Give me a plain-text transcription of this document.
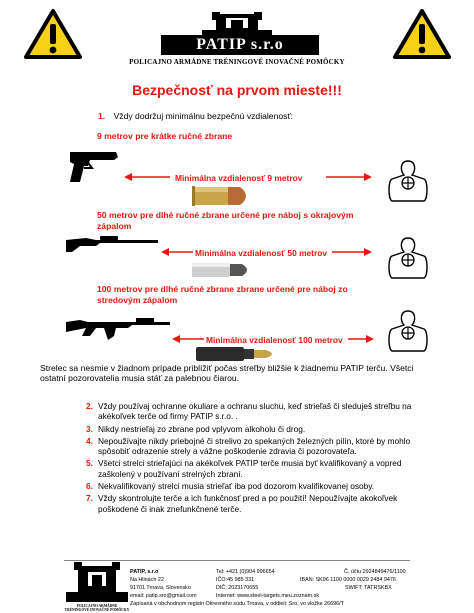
PATIP s.r.o
POLICAJNO ARMÁDNE TRÉNINGOVÉ INOVAČNÉ POMÔCKY
Bezpečnosť na prvom mieste!!!
1. Vždy dodržuj minimálnu bezpečnú vzdialenosť:
9 metrov pre krátke ručné zbrane
Minimálna vzdialenosť 9 metrov
50 metrov pre dlhé ručné zbrane určené pre náboj s okrajovým zápalom
Minimálna vzdialenosť 50 metrov
100 metrov pre dlhé ručné zbrane zbrane určené pre náboj zo stredovým zápalom
Minimálna vzdialenosť 100 metrov
Strelec sa nesmie v žiadnom prípade priblížiť počas streľby bližšie k žiadnemu PATIP terču. Všetci ostatní pozorovatelia musia stáť za palebnou čiarou.
2. Vždy používaj ochranne okuliare a ochranu sluchu, keď strieľaš či sleduješ streľbu na akékoľvek terče od firmy PATIP s.r.o. .
3. Nikdy nestrieľaj zo zbrane pod vplyvom alkoholu či drog.
4. Nepoužívajte nikdy priebojné či strelivo zo spekaných železných pilín, ktoré by mohlo spôsobiť odrazenie strely a vážne poškodenie zdravia či pozorovateľa.
5. Všetci strelci strieľajúci na akékoľvek PATIP terče musia byť kvalifikovaný a vopred zaškolený v používaní strelných zbraní.
6. Nekvalifikovaný strelci musia strieľať iba pod dozorom kvalifikovanej osoby.
7. Vždy skontrolujte terče a ich funkčnosť pred a po použití! Nepoužívajte akokoľvek poškodené či inak znefunkčnené terče.
POLICAJNO ARMÁDNE TRÉNINGOVÉ INOVAČNÉ POMÔCKY
PATIP, s.r.o
Na Hlinách 22
91701 Trnava, Slovensko
email: patip.sro@gmail.com
Tel: +421 (0)904 996654
IČO:45 985 331
DIČ: 2023170655
Internet: www.steel-targets.meu.zoznam.sk
Č. účtu:2924849476/1100
IBAN: SK96 1100 0000 0029 2484 9476
SWIFT: TATRSKBX
Zapísaná v obchodnom registri Okresného súdu Trnava, v oddieli: Sro, vo vložke 26696/T
